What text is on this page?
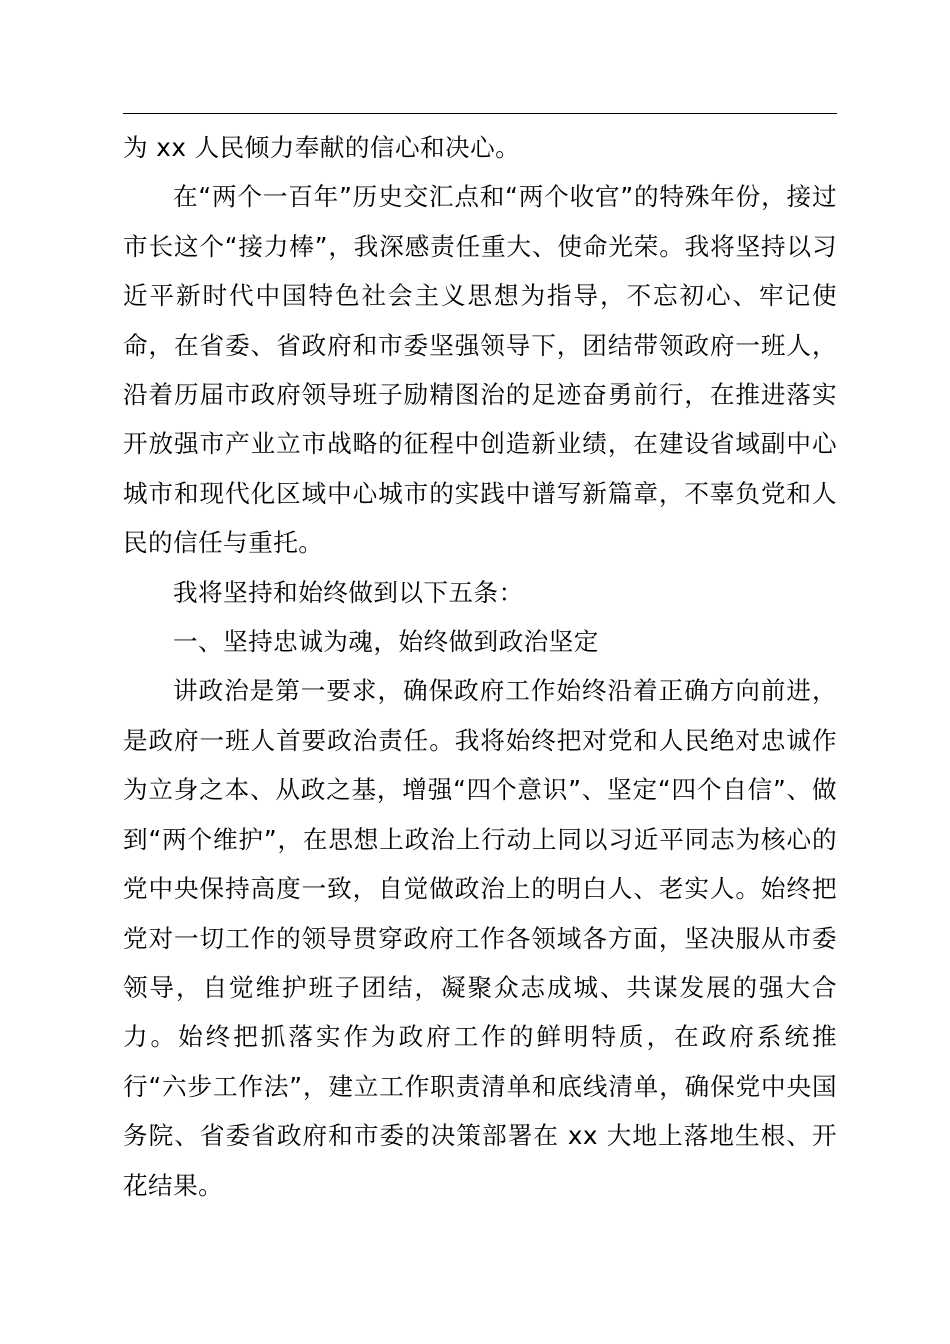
为 xx 人民倾力奉献的信心和决心。

在“两个一百年”历史交汇点和“两个收官”的特殊年份，接过市长这个“接力棒”，我深感责任重大、使命光荣。我将坚持以习近平新时代中国特色社会主义思想为指导，不忘初心、牢记使命，在省委、省政府和市委坚强领导下，团结带领政府一班人，沿着历届市政府领导班子励精图治的足迹奋勇前行，在推进落实开放强市产业立市战略的征程中创造新业绩，在建设省域副中心城市和现代化区域中心城市的实践中谱写新篇章，不辜负党和人民的信任与重托。

我将坚持和始终做到以下五条：

一、坚持忠诚为魂，始终做到政治坚定

讲政治是第一要求，确保政府工作始终沿着正确方向前进，是政府一班人首要政治责任。我将始终把对党和人民绝对忠诚作为立身之本、从政之基，增强“四个意识”、坚定“四个自信”、做到“两个维护”，在思想上政治上行动上同以习近平同志为核心的党中央保持高度一致，自觉做政治上的明白人、老实人。始终把党对一切工作的领导贯穿政府工作各领域各方面，坚决服从市委领导，自觉维护班子团结，凝聚众志成城、共谋发展的强大合力。始终把抓落实作为政府工作的鲜明特质，在政府系统推行“六步工作法”，建立工作职责清单和底线清单，确保党中央国务院、省委省政府和市委的决策部署在 xx 大地上落地生根、开花结果。
